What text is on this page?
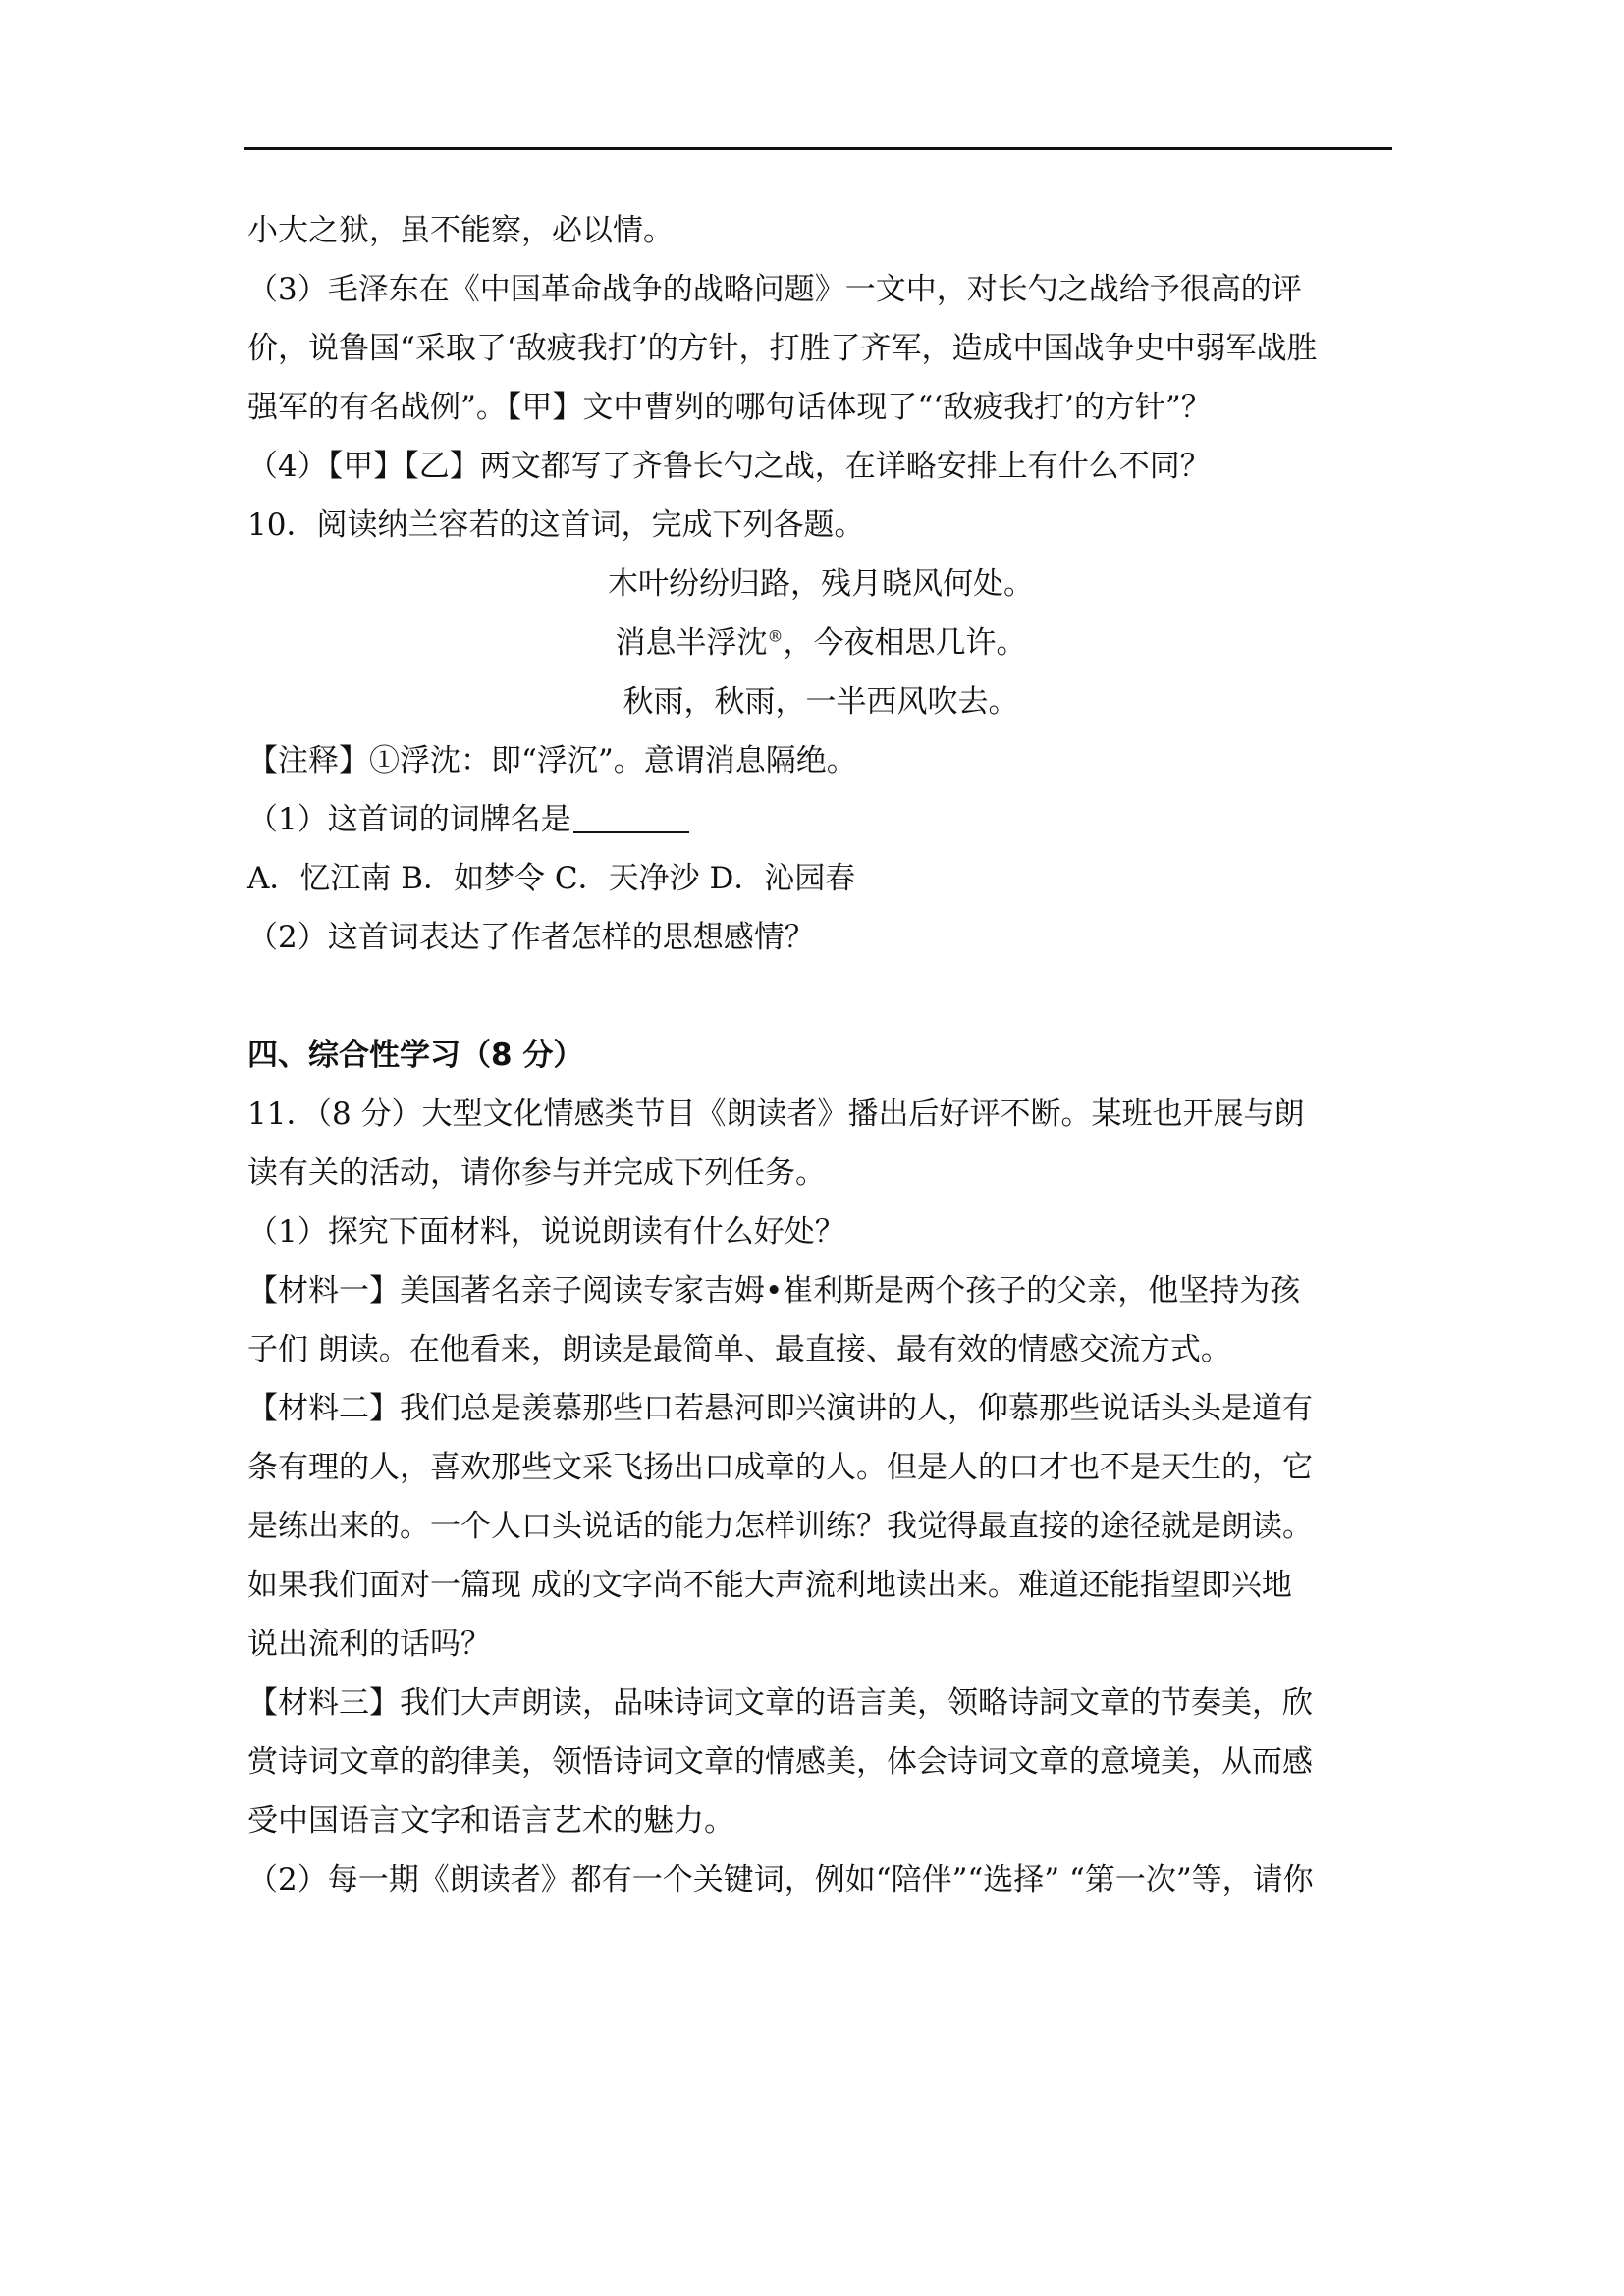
小大之狱，虽不能察，必以情。

（3）毛泽东在《中国革命战争的战略问题》一文中，对长勺之战给予很高的评

价，说鲁国“采取了‘敌疲我打’的方针，打胜了齐军，造成中国战争史中弱军战胜

强军的有名战例”。【甲】文中曹刿的哪句话体现了“‘敌疲我打’的方针”？

（4）【甲】【乙】两文都写了齐鲁长勺之战，在详略安排上有什么不同？

10．阅读纳兰容若的这首词，完成下列各题。

木叶纷纷归路，残月晓风何处。
消息半浮沈®，今夜相思几许。
秋雨，秋雨，一半西风吹去。

【注释】①浮沈：即“浮沉”。意谓消息隔绝。

（1）这首词的词牌名是

A．忆江南 B．如梦令 C．天净沙 D．沁园春

（2）这首词表达了作者怎样的思想感情？

四、综合性学习（8 分）

11．（8 分）大型文化情感类节目《朗读者》播出后好评不断。某班也开展与朗

读有关的活动，请你参与并完成下列任务。

（1）探究下面材料，说说朗读有什么好处？

【材料一】美国著名亲子阅读专家吉姆•崔利斯是两个孩子的父亲，他坚持为孩

子们 朗读。在他看来，朗读是最简单、最直接、最有效的情感交流方式。

【材料二】我们总是羡慕那些口若悬河即兴演讲的人，仰慕那些说话头头是道有

条有理的人，喜欢那些文采飞扬出口成章的人。但是人的口才也不是天生的，它

是练出来的。一个人口头说话的能力怎样训练？我觉得最直接的途径就是朗读。

如果我们面对一篇现 成的文字尚不能大声流利地读出来。难道还能指望即兴地

说出流利的话吗？

【材料三】我们大声朗读，品味诗词文章的语言美，领略诗詞文章的节奏美，欣

赏诗词文章的韵律美，领悟诗词文章的情感美，体会诗词文章的意境美，从而感

受中国语言文字和语言艺术的魅力。

（2）每一期《朗读者》都有一个关键词，例如“陪伴”“选择” “第一次”等，请你
